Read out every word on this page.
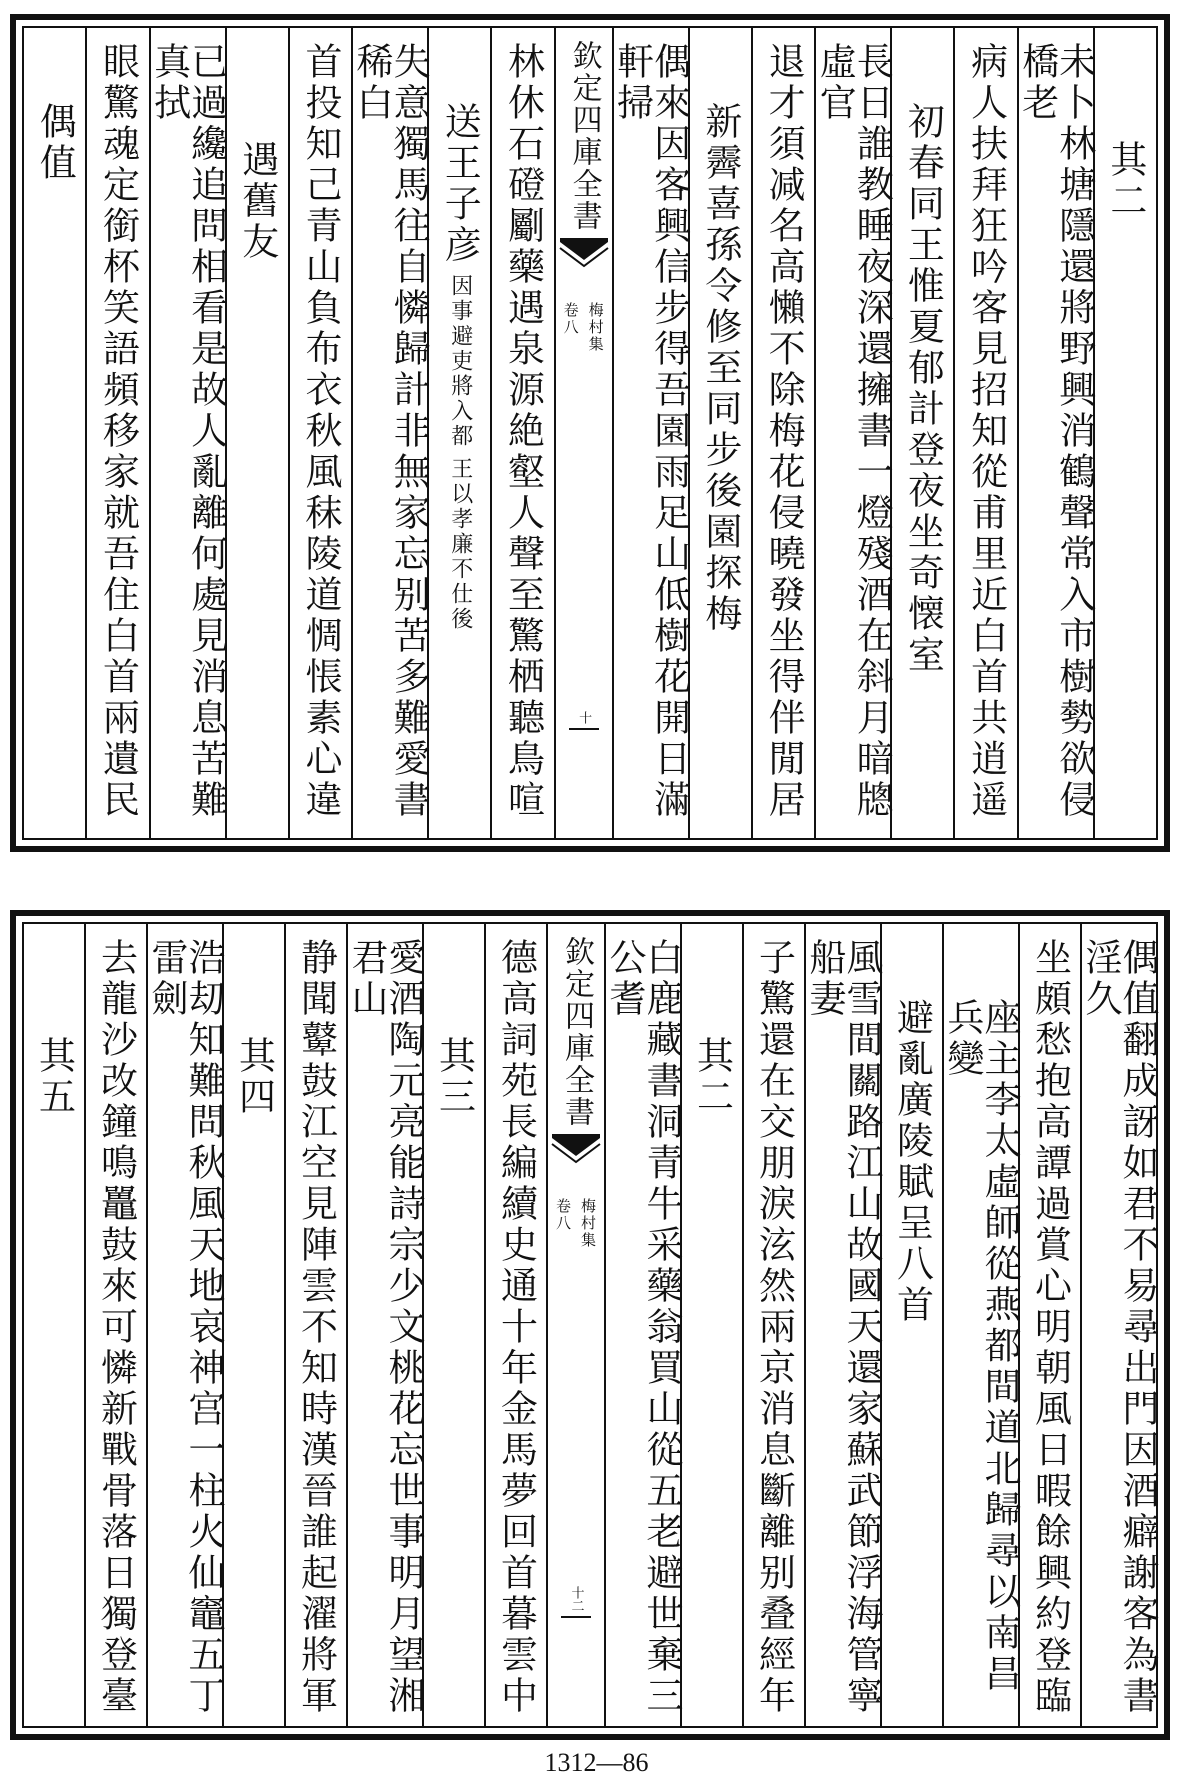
其二
未卜林塘隱還將野興消鶴聲常入市樹勢欲侵橋老
病人扶拜狂吟客見招知從甫里近白首共逍遥
初春同王惟夏郁計登夜坐奇懐室
長日誰教睡夜深還擁書一燈殘酒在斜月暗牕虛官
退才須减名高懶不除梅花侵曉發坐得伴閒居
新霽喜孫令修至同步後園探梅
偶來因客興信步得吾園雨足山低樹花開日滿軒掃
欽定四庫全書
梅村集
卷八
十
林休石磴劚藥遇泉源絶壑人聲至驚栖聽鳥喧
送王子彦
王以孝廉不仕後
因事避吏將入都
失意獨馬往自憐歸計非無家忘别苦多難愛書稀白
首投知己青山負布衣秋風秣陵道惆悵素心違
遇舊友
已過纔追問相看是故人亂離何處見消息苦難真拭
眼驚魂定銜杯笑語頻移家就吾住白首兩遺民
偶值
偶值翻成訝如君不易尋出門因酒癖謝客為書淫久
坐頗愁抱高譚過賞心明朝風日暇餘興約登臨
座主李太虛師從燕都間道北歸尋以南昌兵變
避亂廣陵賦呈八首
風雪間關路江山故國天還家蘇武節浮海管寧船妻
子驚還在交朋淚泫然兩京消息斷離别叠經年
其二
白鹿藏書洞青牛采藥翁買山從五老避世棄三公耆
欽定四庫全書
梅村集
卷八
十二
德高詞苑長編續史通十年金馬夢回首暮雲中
其三
愛酒陶元亮能詩宗少文桃花忘世事明月望湘君山
静聞鼙鼓江空見陣雲不知時漢晉誰起濯將軍
其四
浩刧知難問秋風天地哀神宫一柱火仙竈五丁雷劍
去龍沙改鐘鳴鼉鼓來可憐新戰骨落日獨登臺
其五
1312—86
